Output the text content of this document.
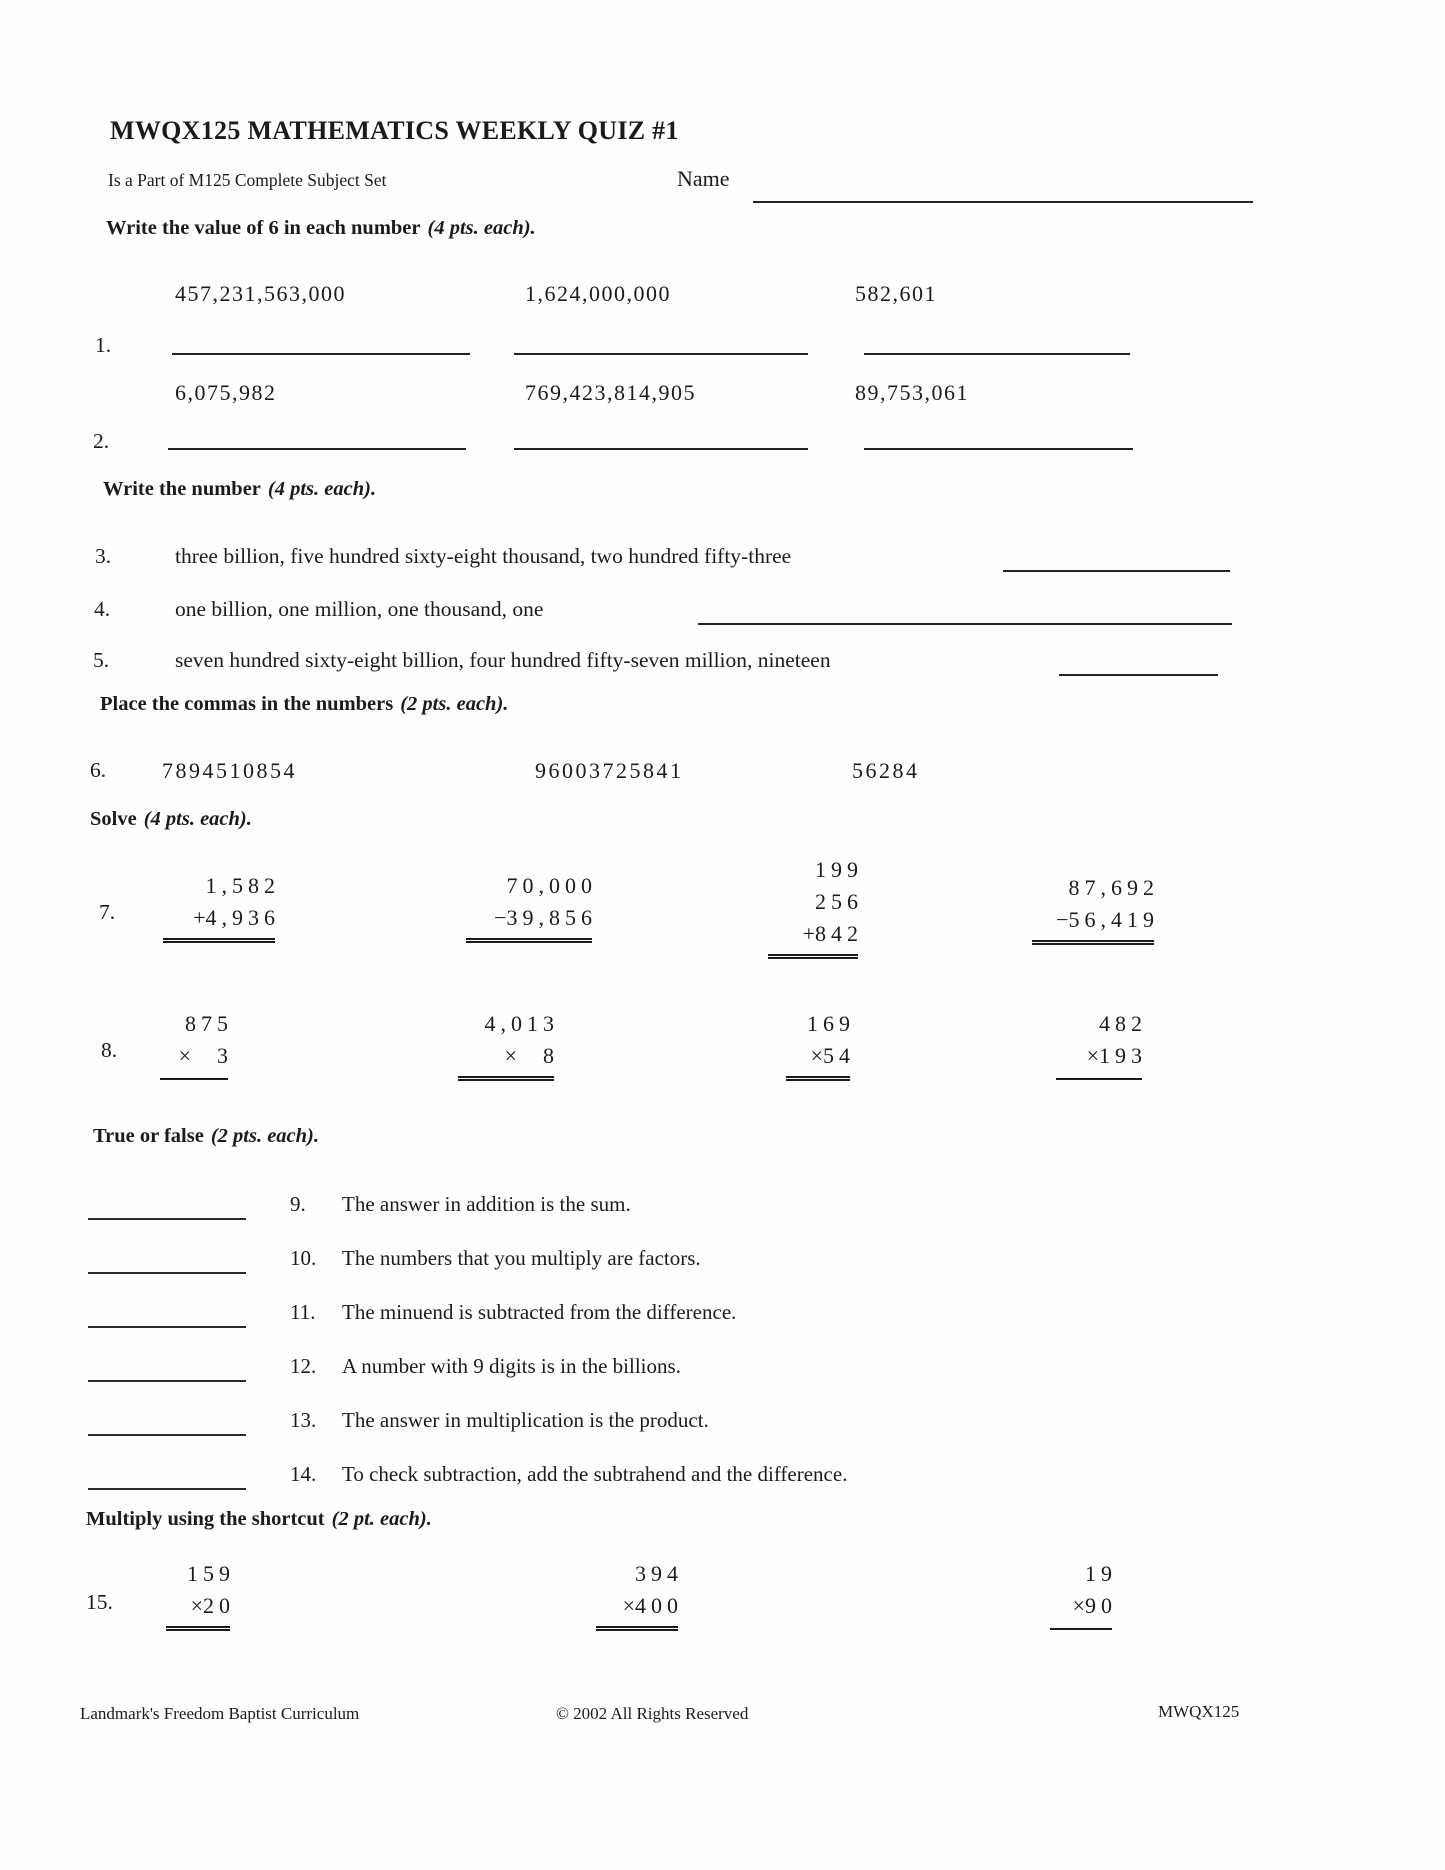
MWQX125 MATHEMATICS WEEKLY QUIZ #1
Is a Part of M125 Complete Subject Set	Name
Write the value of 6 in each number (4 pts. each).
457,231,563,000	1,624,000,000	582,601
1.
6,075,982	769,423,814,905	89,753,061
2.
Write the number (4 pts. each).
3.	three billion, five hundred sixty-eight thousand, two hundred fifty-three
4.	one billion, one million, one thousand, one
5.	seven hundred sixty-eight billion, four hundred fifty-seven million, nineteen
Place the commas in the numbers (2 pts. each).
6.	7894510854	96003725841	56284
Solve (4 pts. each).
7.
1,582
+4,936
70,000
−39,856
199
256
+842
87,692
−56,419
8.
875
× 3
4,013
× 8
169
×54
482
×193
True or false (2 pts. each).
9. The answer in addition is the sum.
10. The numbers that you multiply are factors.
11. The minuend is subtracted from the difference.
12. A number with 9 digits is in the billions.
13. The answer in multiplication is the product.
14. To check subtraction, add the subtrahend and the difference.
Multiply using the shortcut (2 pt. each).
15.
159
×20
394
×400
19
×90
Landmark's Freedom Baptist Curriculum	© 2002 All Rights Reserved	MWQX125
